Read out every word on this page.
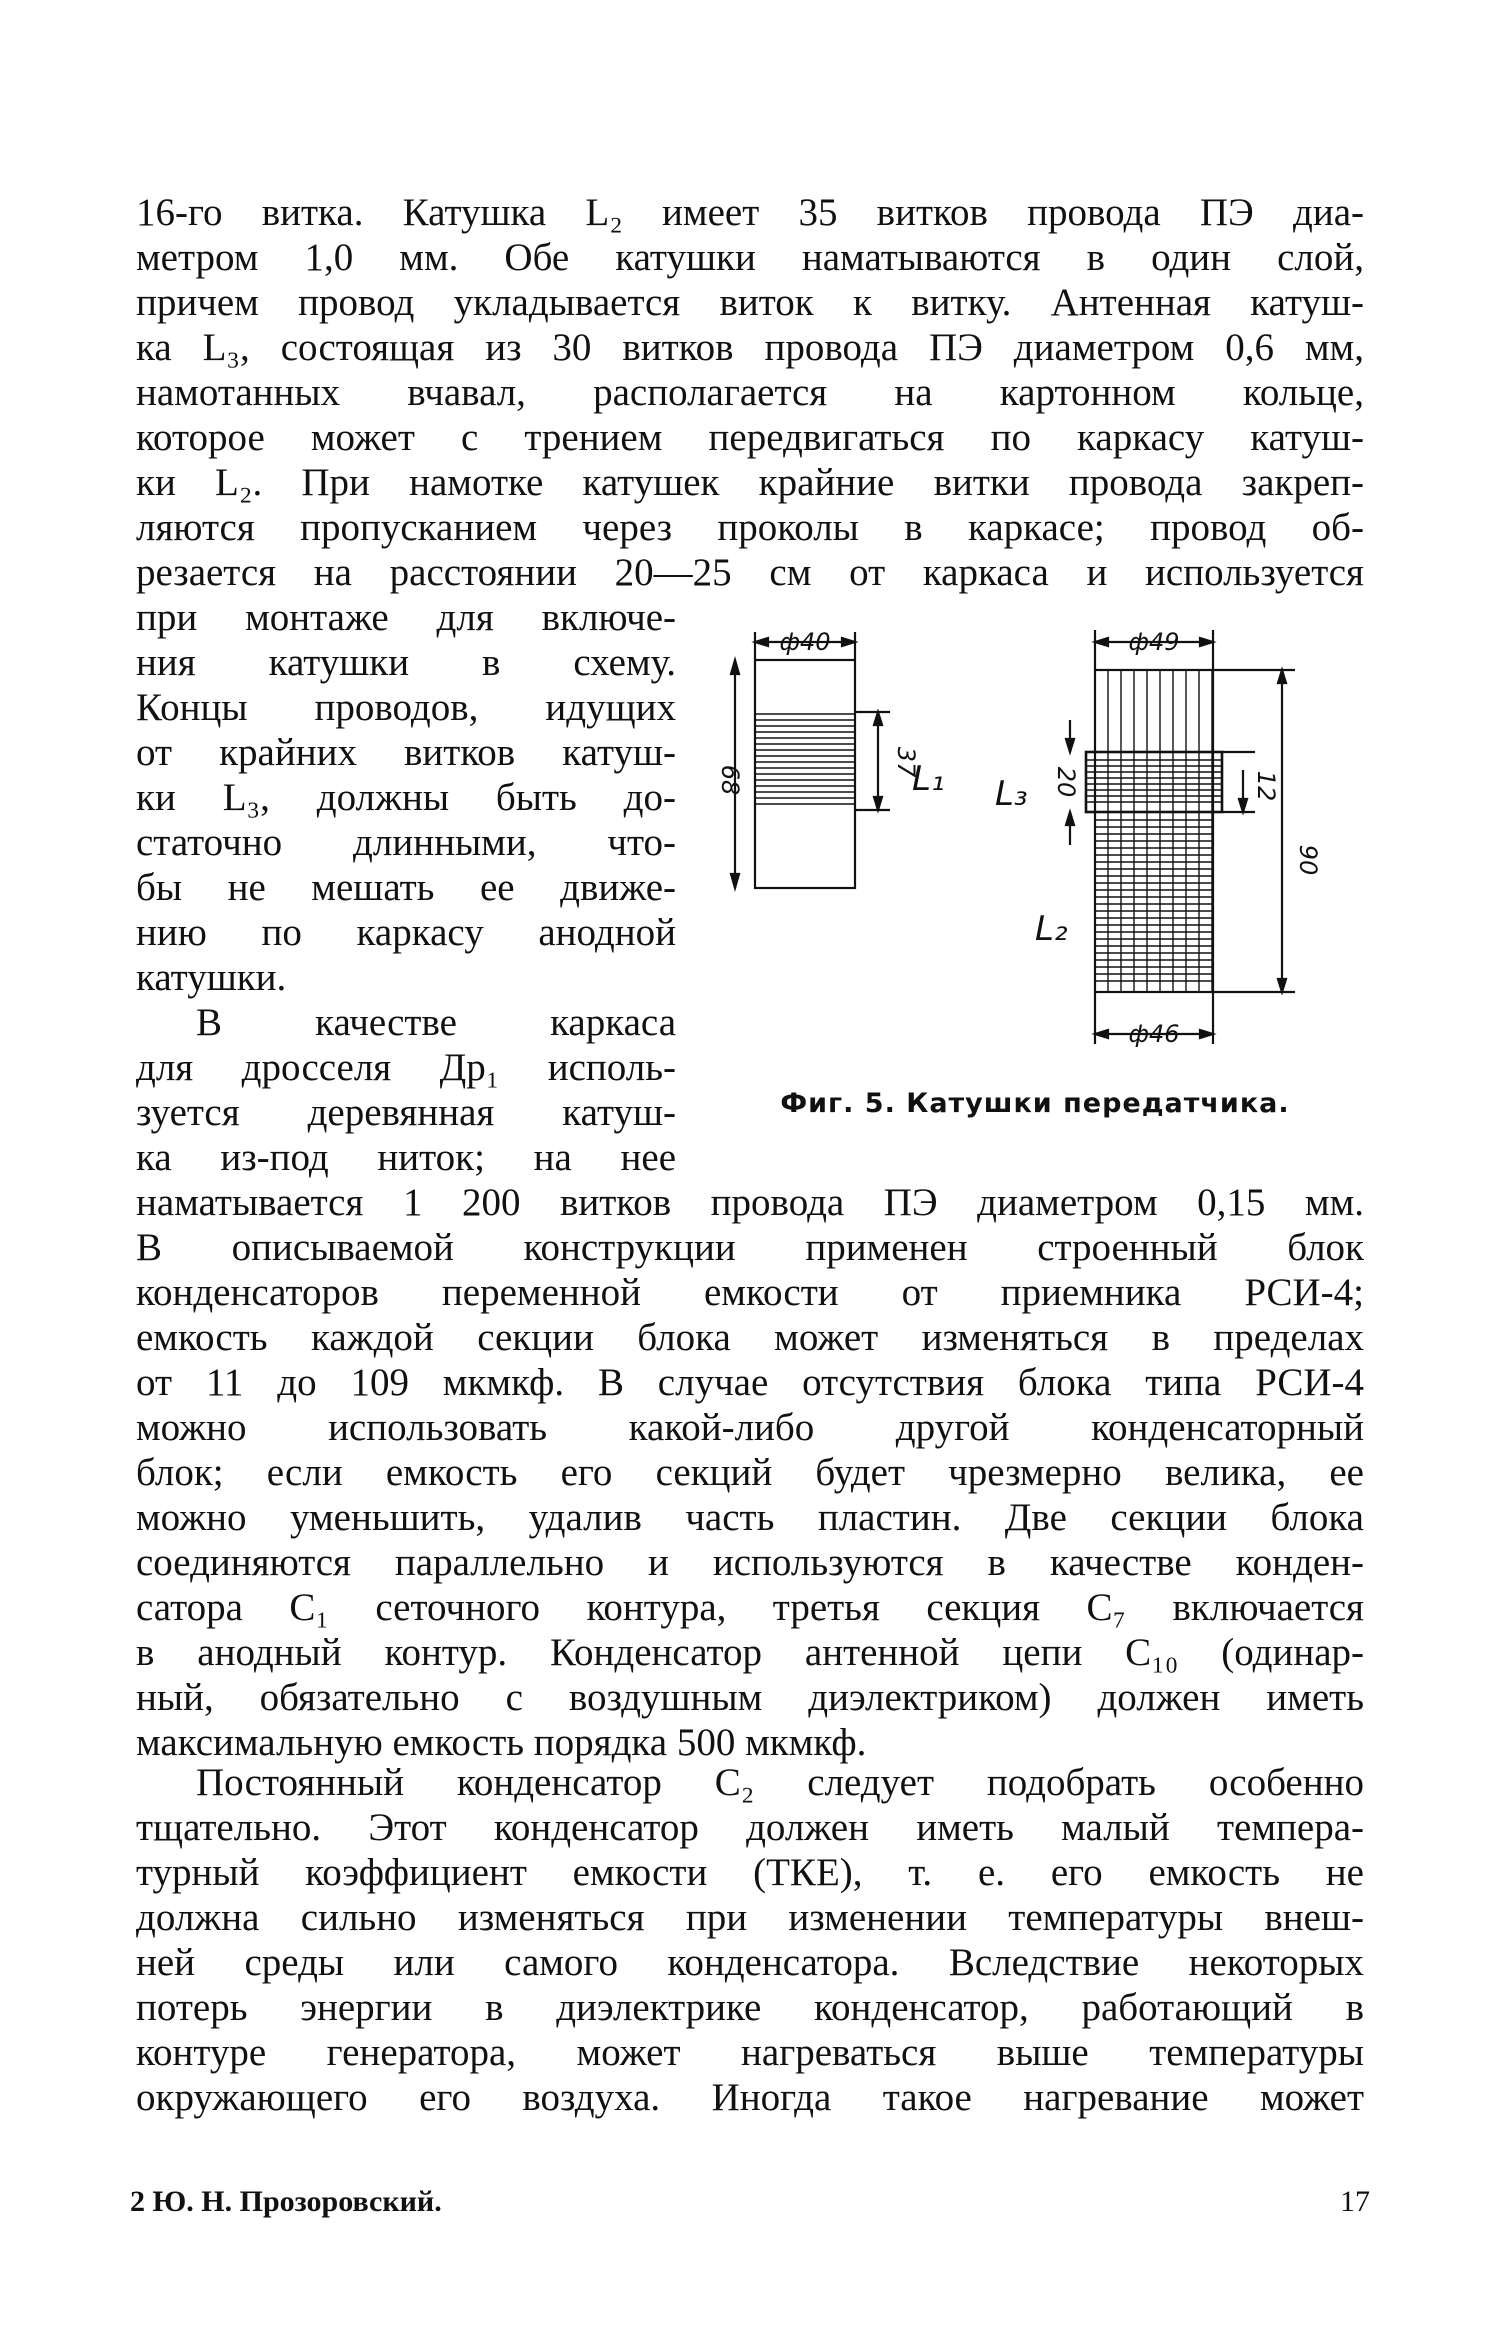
16-го витка. Катушка L₂ имеет 35 витков провода ПЭ диа-
метром 1,0 мм. Обе катушки наматываются в один слой,
причем провод укладывается виток к витку. Антенная катуш-
ка L₃, состоящая из 30 витков провода ПЭ диаметром 0,6 мм,
намотанных вчавал, располагается на картонном кольце,
которое может с трением передвигаться по каркасу катуш-
ки L₂. При намотке катушек крайние витки провода закреп-
ляются пропусканием через проколы в каркасе; провод об-
резается на расстоянии 20—25 см от каркаса и используется
при монтаже для включе-
ния катушки в схему.
Концы проводов, идущих
от крайних витков катуш-
ки L₃, должны быть до-
статочно длинными, что-
бы не мешать ее движе-
нию по каркасу анодной
катушки.
В качестве каркаса
для дросселя Др₁ исполь-
зуется деревянная катуш-
ка из-под ниток; на нее
ф40
68
37
L₁
ф49
ф46
20	12
90
L₃
L₂
Фиг. 5. Катушки передатчика.
наматывается 1 200 витков провода ПЭ диаметром 0,15 мм.
В описываемой конструкции применен строенный блок
конденсаторов переменной емкости от приемника РСИ-4;
емкость каждой секции блока может изменяться в пределах
от 11 до 109 мкмкф. В случае отсутствия блока типа РСИ-4
можно использовать какой-либо другой конденсаторный
блок; если емкость его секций будет чрезмерно велика, ее
можно уменьшить, удалив часть пластин. Две секции блока
соединяются параллельно и используются в качестве конден-
сатора C₁ сеточного контура, третья секция C₇ включается
в анодный контур. Конденсатор антенной цепи C₁₀ (одинар-
ный, обязательно с воздушным диэлектриком) должен иметь
максимальную емкость порядка 500 мкмкф.
Постоянный конденсатор C₂ следует подобрать особенно
тщательно. Этот конденсатор должен иметь малый темпера-
турный коэффициент емкости (ТКЕ), т. е. его емкость не
должна сильно изменяться при изменении температуры внеш-
ней среды или самого конденсатора. Вследствие некоторых
потерь энергии в диэлектрике конденсатор, работающий в
контуре генератора, может нагреваться выше температуры
окружающего его воздуха. Иногда такое нагревание может
2 Ю. Н. Прозоровский.	17
